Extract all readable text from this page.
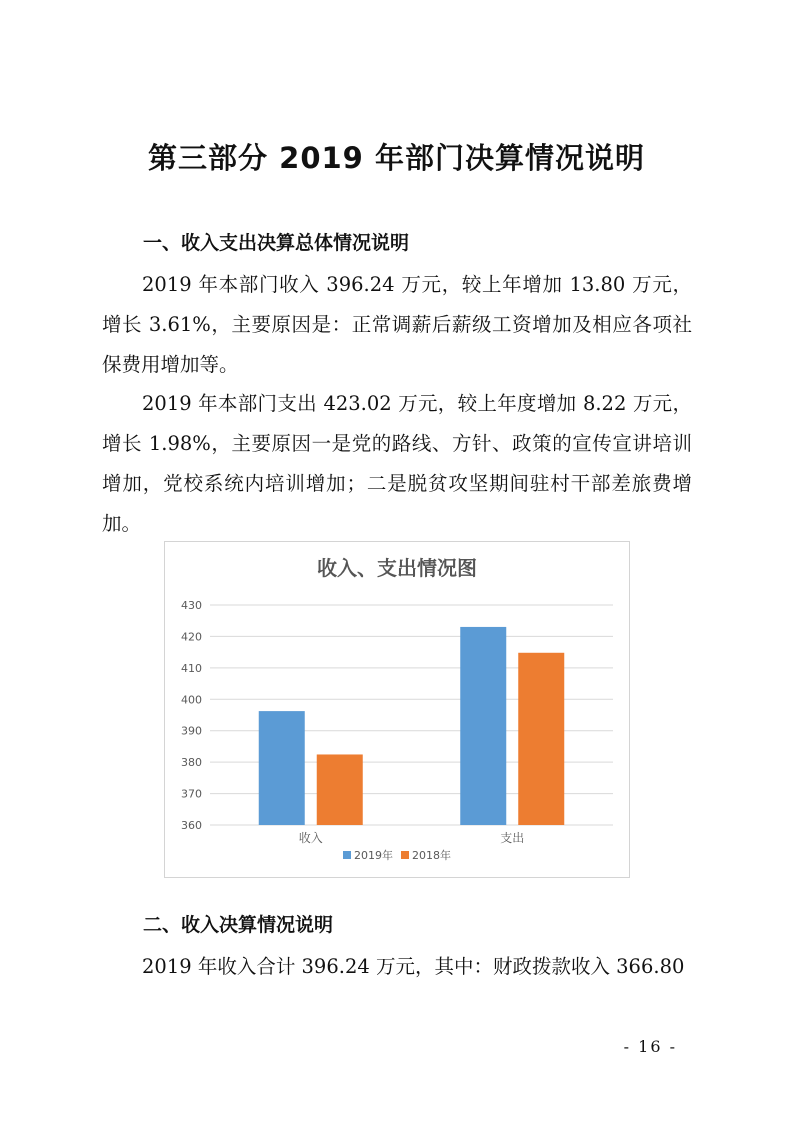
第三部分 2019 年部门决算情况说明
一、收入支出决算总体情况说明
2019 年本部门收入 396.24 万元，较上年增加 13.80 万元，增长 3.61%，主要原因是：正常调薪后薪级工资增加及相应各项社保费用增加等。
2019 年本部门支出 423.02 万元，较上年度增加 8.22 万元，增长 1.98%，主要原因一是党的路线、方针、政策的宣传宣讲培训增加，党校系统内培训增加；二是脱贫攻坚期间驻村干部差旅费增加。
收入、支出情况图
360
370
380
390
400
410
420
430
收入	支出
2019年 2018年
二、收入决算情况说明
2019 年收入合计 396.24 万元，其中：财政拨款收入 366.80
- 16 -
